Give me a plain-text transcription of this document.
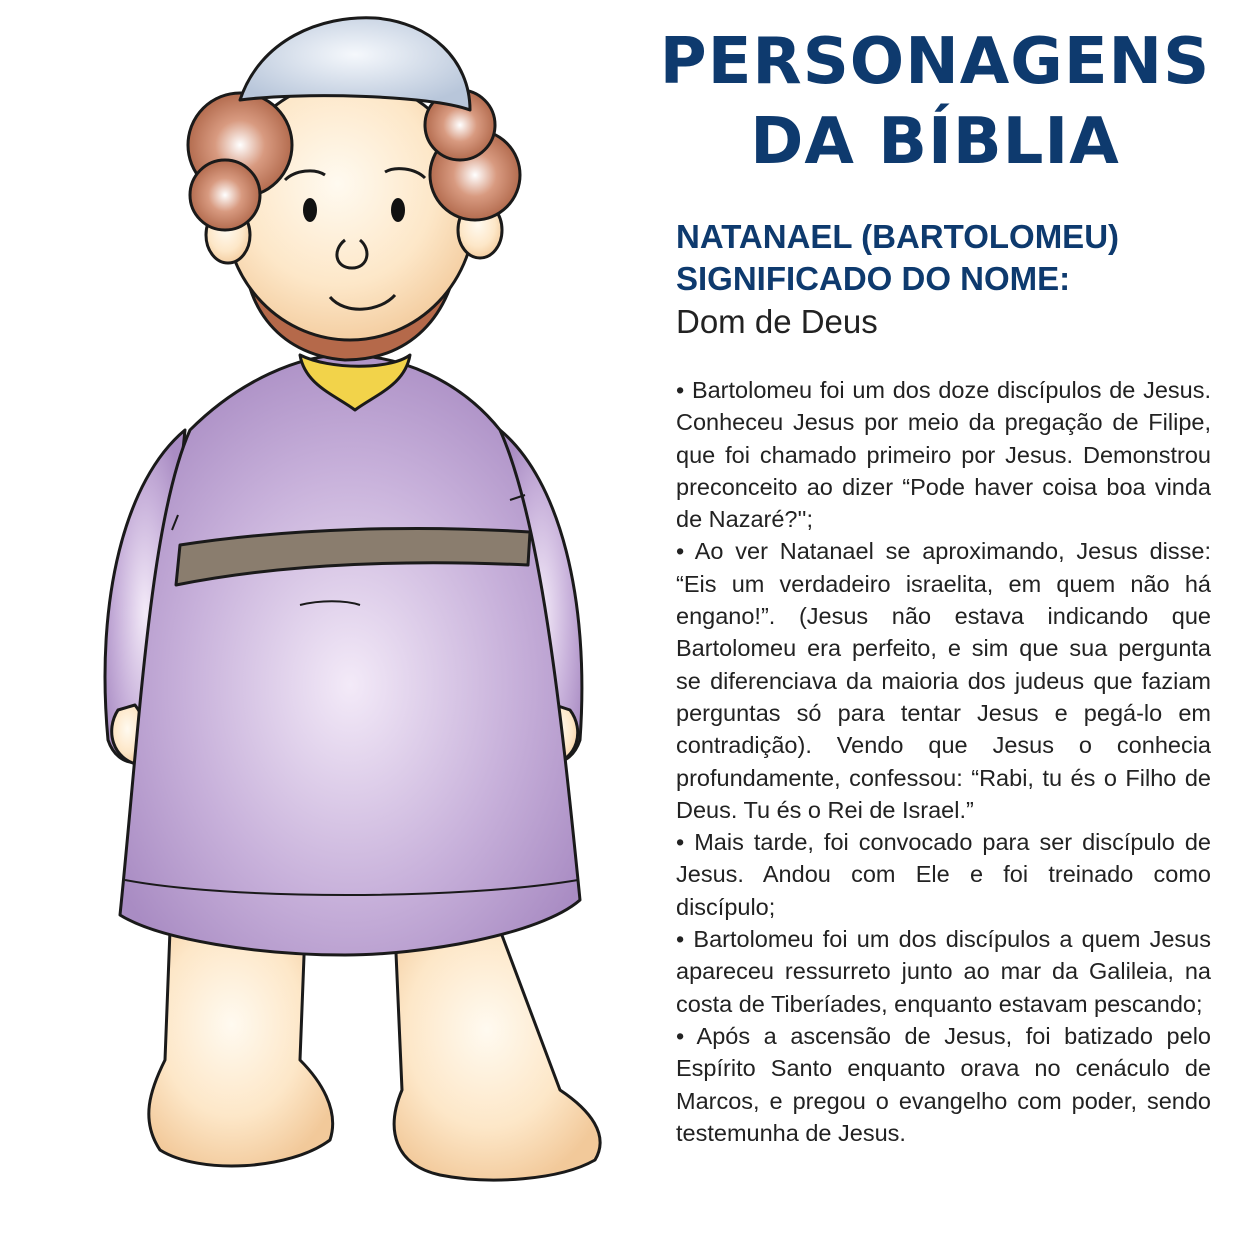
PERSONAGENS
DA BÍBLIA
NATANAEL (BARTOLOMEU)
SIGNIFICADO DO NOME:
Dom de Deus

• Bartolomeu foi um dos doze discípulos de Jesus. Conheceu Jesus por meio da pregação de Filipe, que foi chamado primeiro por Jesus. Demonstrou preconceito ao dizer “Pode haver coisa boa vinda de Nazaré?'';

• Ao ver Natanael se aproximando, Jesus disse: “Eis um verdadeiro israelita, em quem não há engano!”. (Jesus não estava indicando que Bartolomeu era perfeito, e sim que sua pergunta se diferenciava da maioria dos judeus que faziam perguntas só para tentar Jesus e pegá-lo em contradição). Vendo que Jesus o conhecia profundamente, confessou: “Rabi, tu és o Filho de Deus. Tu és o Rei de Israel.”

• Mais tarde, foi convocado para ser discípulo de Jesus. Andou com Ele e foi treinado como discípulo;

• Bartolomeu foi um dos discípulos a quem Jesus apareceu ressurreto junto ao mar da Galileia, na costa de Tiberíades, enquanto estavam pescando;

• Após a ascensão de Jesus, foi batizado pelo Espírito Santo enquanto orava no cenáculo de Marcos, e pregou o evangelho com poder, sendo testemunha de Jesus.
